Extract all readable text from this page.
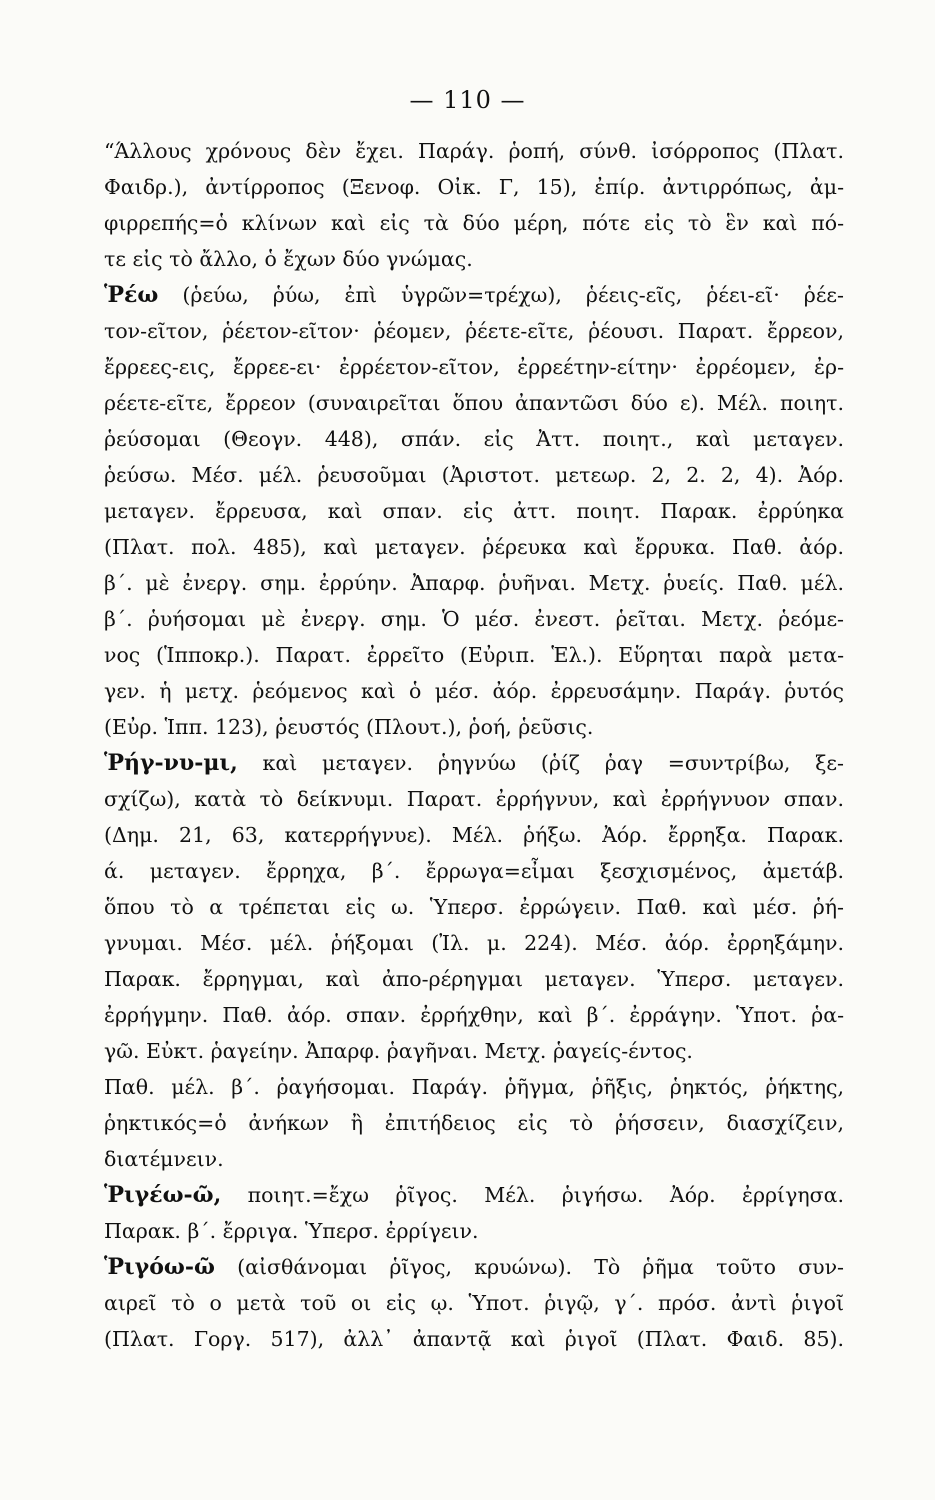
— 110 —
“Άλλους χρόνους δὲν ἔχει. Παράγ. ῥοπή, σύνθ. ἰσόρροπος (Πλατ.
Φαιδρ.), ἀντίρροπος (Ξενοφ. Οἰκ. Γ, 15), ἐπίρ. ἀντιρρόπως, ἀμ-
φιρρεπής=ὁ κλίνων καὶ εἰς τὰ δύο μέρη, πότε εἰς τὸ ἓν καὶ πό-
τε εἰς τὸ ἄλλο, ὁ ἔχων δύο γνώμας.
Ῥέω (ῥεύω, ῥύω, ἐπὶ ὑγρῶν=τρέχω), ῥέεις-εῖς, ῥέει-εῖ· ῥέε-
τον-εῖτον, ῥέετον-εῖτον· ῥέομεν, ῥέετε-εῖτε, ῥέουσι. Παρατ. ἔρρεον,
ἔρρεες-εις, ἔρρεε-ει· ἐρρέετον-εῖτον, ἐρρεέτην-είτην· ἐρρέομεν, ἐρ-
ρέετε-εῖτε, ἔρρεον (συναιρεῖται ὅπου ἀπαντῶσι δύο ε). Μέλ. ποιητ.
ῥεύσομαι (Θεογν. 448), σπάν. εἰς Ἀττ. ποιητ., καὶ μεταγεν.
ῥεύσω. Μέσ. μέλ. ῥευσοῦμαι (Ἀριστοτ. μετεωρ. 2, 2. 2, 4). Ἀόρ.
μεταγεν. ἔρρευσα, καὶ σπαν. εἰς ἀττ. ποιητ. Παρακ. ἐρρύηκα
(Πλατ. πολ. 485), καὶ μεταγεν. ῥέρευκα καὶ ἔρρυκα. Παθ. ἀόρ.
β΄. μὲ ἐνεργ. σημ. ἐρρύην. Ἀπαρφ. ῥυῆναι. Μετχ. ῥυείς. Παθ. μέλ.
β΄. ῥυήσομαι μὲ ἐνεργ. σημ. Ὁ μέσ. ἐνεστ. ῥεῖται. Μετχ. ῥεόμε-
νος (Ἱπποκρ.). Παρατ. ἐρρεῖτο (Εὐριπ. Ἑλ.). Εὕρηται παρὰ μετα-
γεν. ἡ μετχ. ῥεόμενος καὶ ὁ μέσ. ἀόρ. ἐρρευσάμην. Παράγ. ῥυτός
(Εὐρ. Ἱππ. 123), ῥευστός (Πλουτ.), ῥοή, ῥεῦσις.
Ῥήγ-νυ-μι, καὶ μεταγεν. ῥηγνύω (ῥίζ ῥαγ =συντρίβω, ξε-
σχίζω), κατὰ τὸ δείκνυμι. Παρατ. ἐρρήγνυν, καὶ ἐρρήγνυον σπαν.
(Δημ. 21, 63, κατερρήγνυε). Μέλ. ῥήξω. Ἀόρ. ἔρρηξα. Παρακ.
ά. μεταγεν. ἔρρηχα, β΄. ἔρρωγα=εἶμαι ξεσχισμένος, ἀμετάβ.
ὅπου τὸ α τρέπεται εἰς ω. Ὑπερσ. ἐρρώγειν. Παθ. καὶ μέσ. ῥή-
γνυμαι. Μέσ. μέλ. ῥήξομαι (Ἰλ. μ. 224). Μέσ. ἀόρ. ἐρρηξάμην.
Παρακ. ἔρρηγμαι, καὶ ἀπο-ρέρηγμαι μεταγεν. Ὑπερσ. μεταγεν.
ἐρρήγμην. Παθ. ἀόρ. σπαν. ἐρρήχθην, καὶ β΄. ἐρράγην. Ὑποτ. ῥα-
γῶ. Εὐκτ. ῥαγείην. Ἀπαρφ. ῥαγῆναι. Μετχ. ῥαγείς-έντος.
Παθ. μέλ. β΄. ῥαγήσομαι. Παράγ. ῥῆγμα, ῥῆξις, ῥηκτός, ῥήκτης,
ῥηκτικός=ὁ ἀνήκων ἢ ἐπιτήδειος εἰς τὸ ῥήσσειν, διασχίζειν,
διατέμνειν.
Ῥιγέω-ῶ, ποιητ.=ἔχω ῥῖγος. Μέλ. ῥιγήσω. Ἀόρ. ἐρρίγησα.
Παρακ. β΄. ἔρριγα. Ὑπερσ. ἐρρίγειν.
Ῥιγόω-ῶ (αἰσθάνομαι ῥῖγος, κρυώνω). Τὸ ῥῆμα τοῦτο συν-
αιρεῖ τὸ ο μετὰ τοῦ οι εἰς ῳ. Ὑποτ. ῥιγῷ, γ΄. πρόσ. ἀντὶ ῥιγοῖ
(Πλατ. Γοργ. 517), ἀλλ᾿ ἀπαντᾷ καὶ ῥιγοῖ (Πλατ. Φαιδ. 85).
